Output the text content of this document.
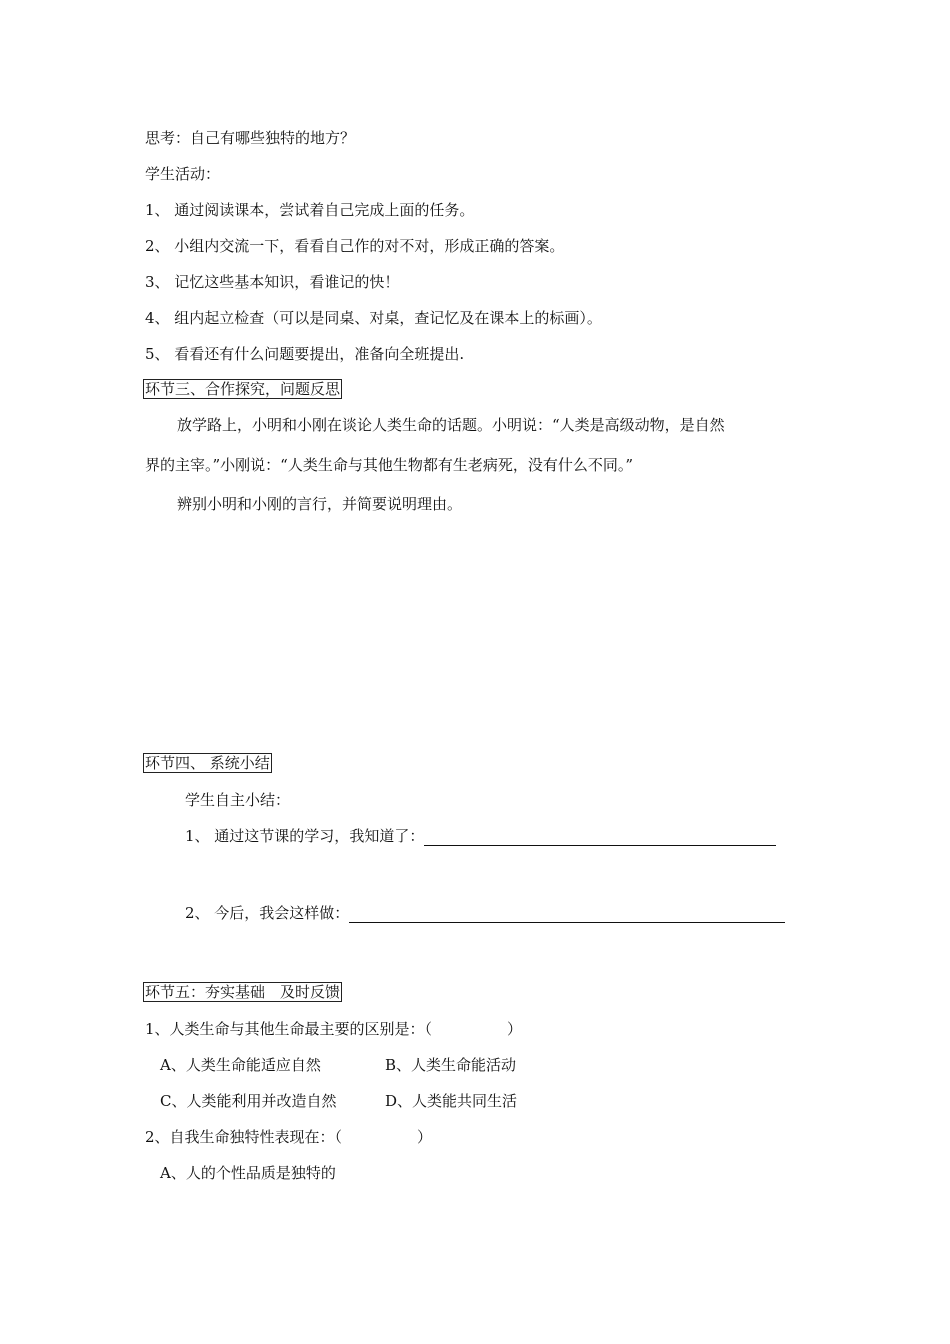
思考：自己有哪些独特的地方？
学生活动：
1、 通过阅读课本，尝试着自己完成上面的任务。
2、 小组内交流一下，看看自己作的对不对，形成正确的答案。
3、 记忆这些基本知识，看谁记的快！
4、 组内起立检查（可以是同桌、对桌，查记忆及在课本上的标画）。
5、 看看还有什么问题要提出，准备向全班提出.
环节三、合作探究，问题反思
放学路上，小明和小刚在谈论人类生命的话题。小明说：“人类是高级动物，是自然
界的主宰。”小刚说：“人类生命与其他生物都有生老病死，没有什么不同。”
辨别小明和小刚的言行，并简要说明理由。
环节四、 系统小结
学生自主小结：
1、 通过这节课的学习，我知道了：
2、 今后，我会这样做：
环节五：夯实基础　及时反馈
1、人类生命与其他生命最主要的区别是：（　　　　　）
A、人类生命能适应自然	B、人类生命能活动
C、人类能利用并改造自然	D、人类能共同生活
2、自我生命独特性表现在：（　　　　　）
A、人的个性品质是独特的
